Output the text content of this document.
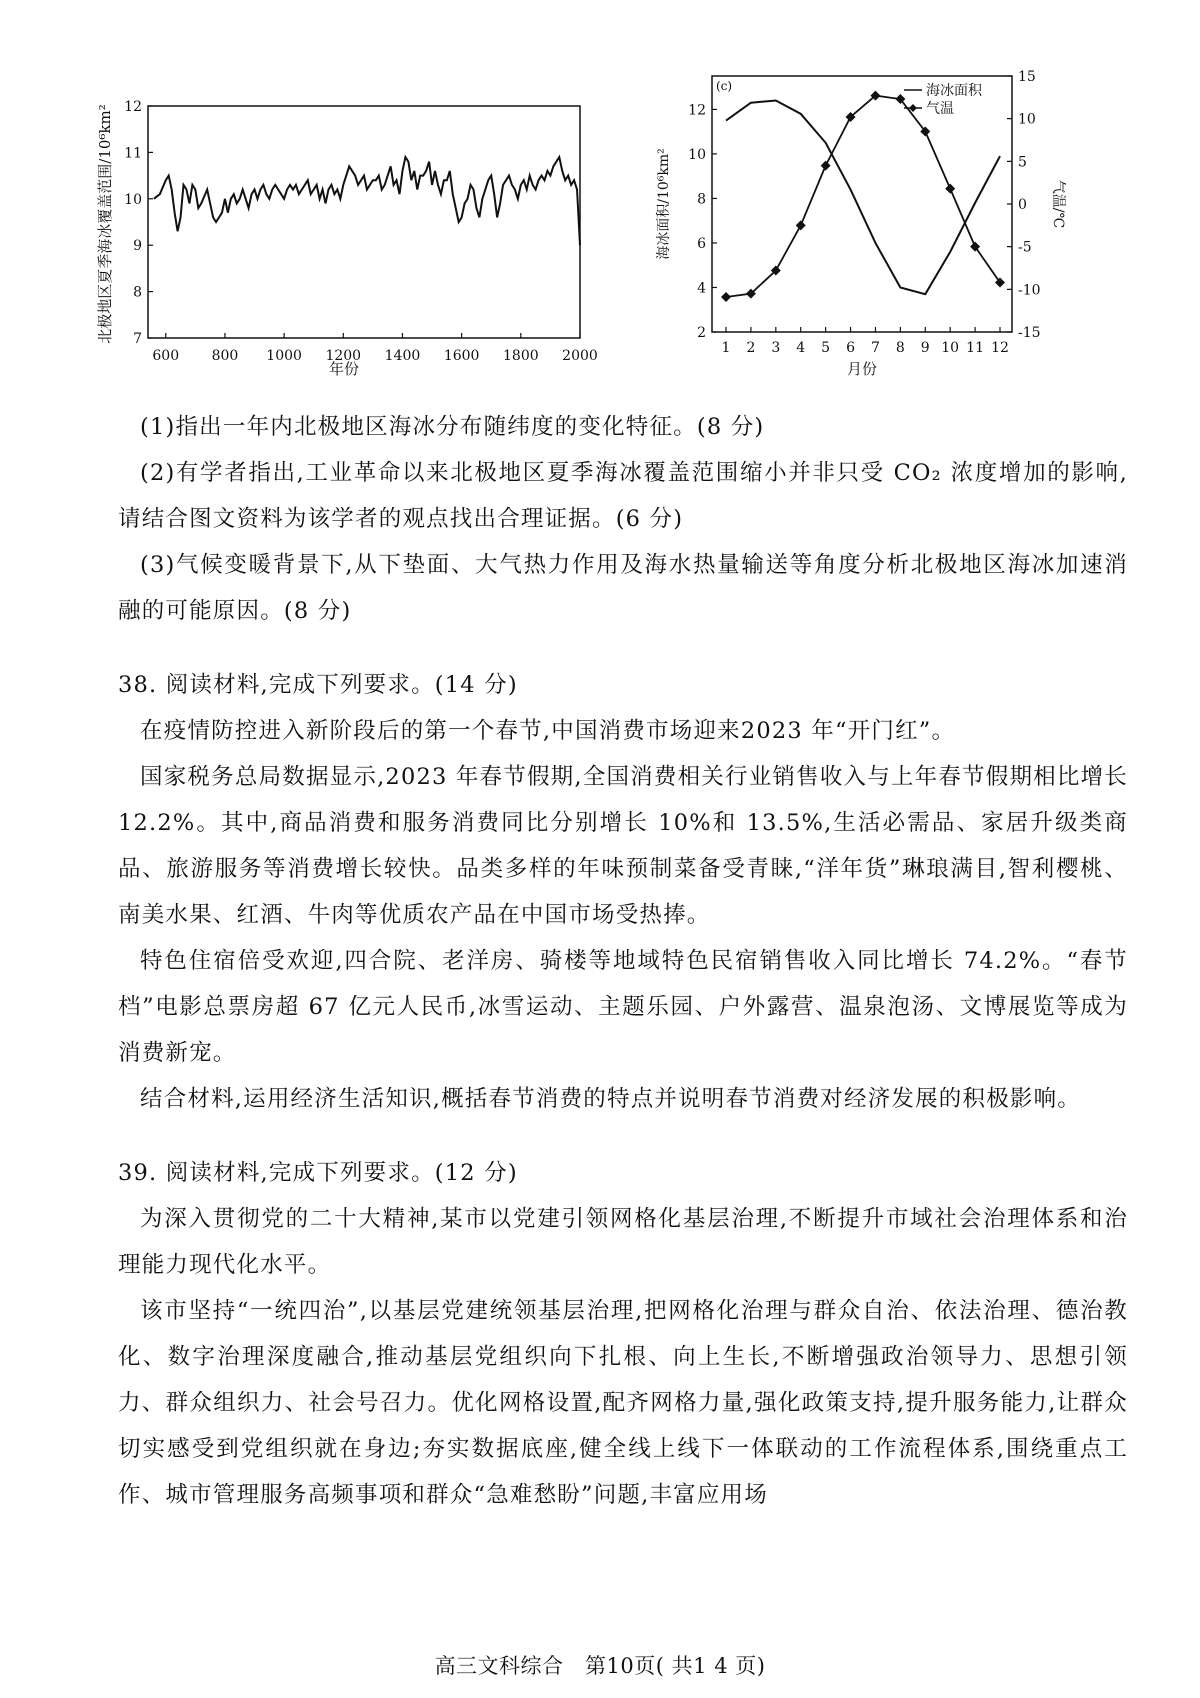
7
8
9
10
11
12
600 800 1000 1200 1400 1600 1800 2000
北极地区夏季海冰覆盖范围/10⁶km²
年份
(c)
2
4
6
8
10
12
-15
-10
-5
0
5
10
15
1 2 3 4 5 6 7 8 9 10 11 12
海冰面积
气温
海冰面积/10⁶km²	气温/℃
月份

(1)指出一年内北极地区海冰分布随纬度的变化特征。(8 分)

(2)有学者指出,工业革命以来北极地区夏季海冰覆盖范围缩小并非只受 CO₂ 浓度增加的影响,请结合图文资料为该学者的观点找出合理证据。(6 分)

(3)气候变暖背景下,从下垫面、大气热力作用及海水热量输送等角度分析北极地区海冰加速消融的可能原因。(8 分)

38. 阅读材料,完成下列要求。(14 分)

在疫情防控进入新阶段后的第一个春节,中国消费市场迎来2023 年“开门红”。

国家税务总局数据显示,2023 年春节假期,全国消费相关行业销售收入与上年春节假期相比增长 12.2%。其中,商品消费和服务消费同比分别增长 10%和 13.5%,生活必需品、家居升级类商品、旅游服务等消费增长较快。品类多样的年味预制菜备受青睐,“洋年货”琳琅满目,智利樱桃、南美水果、红酒、牛肉等优质农产品在中国市场受热捧。

特色住宿倍受欢迎,四合院、老洋房、骑楼等地域特色民宿销售收入同比增长 74.2%。“春节档”电影总票房超 67 亿元人民币,冰雪运动、主题乐园、户外露营、温泉泡汤、文博展览等成为消费新宠。

结合材料,运用经济生活知识,概括春节消费的特点并说明春节消费对经济发展的积极影响。

39. 阅读材料,完成下列要求。(12 分)

为深入贯彻党的二十大精神,某市以党建引领网格化基层治理,不断提升市域社会治理体系和治理能力现代化水平。

该市坚持“一统四治”,以基层党建统领基层治理,把网格化治理与群众自治、依法治理、德治教化、数字治理深度融合,推动基层党组织向下扎根、向上生长,不断增强政治领导力、思想引领力、群众组织力、社会号召力。优化网格设置,配齐网格力量,强化政策支持,提升服务能力,让群众切实感受到党组织就在身边;夯实数据底座,健全线上线下一体联动的工作流程体系,围绕重点工作、城市管理服务高频事项和群众“急难愁盼”问题,丰富应用场

高三文科综合　第10页( 共1 4 页)
